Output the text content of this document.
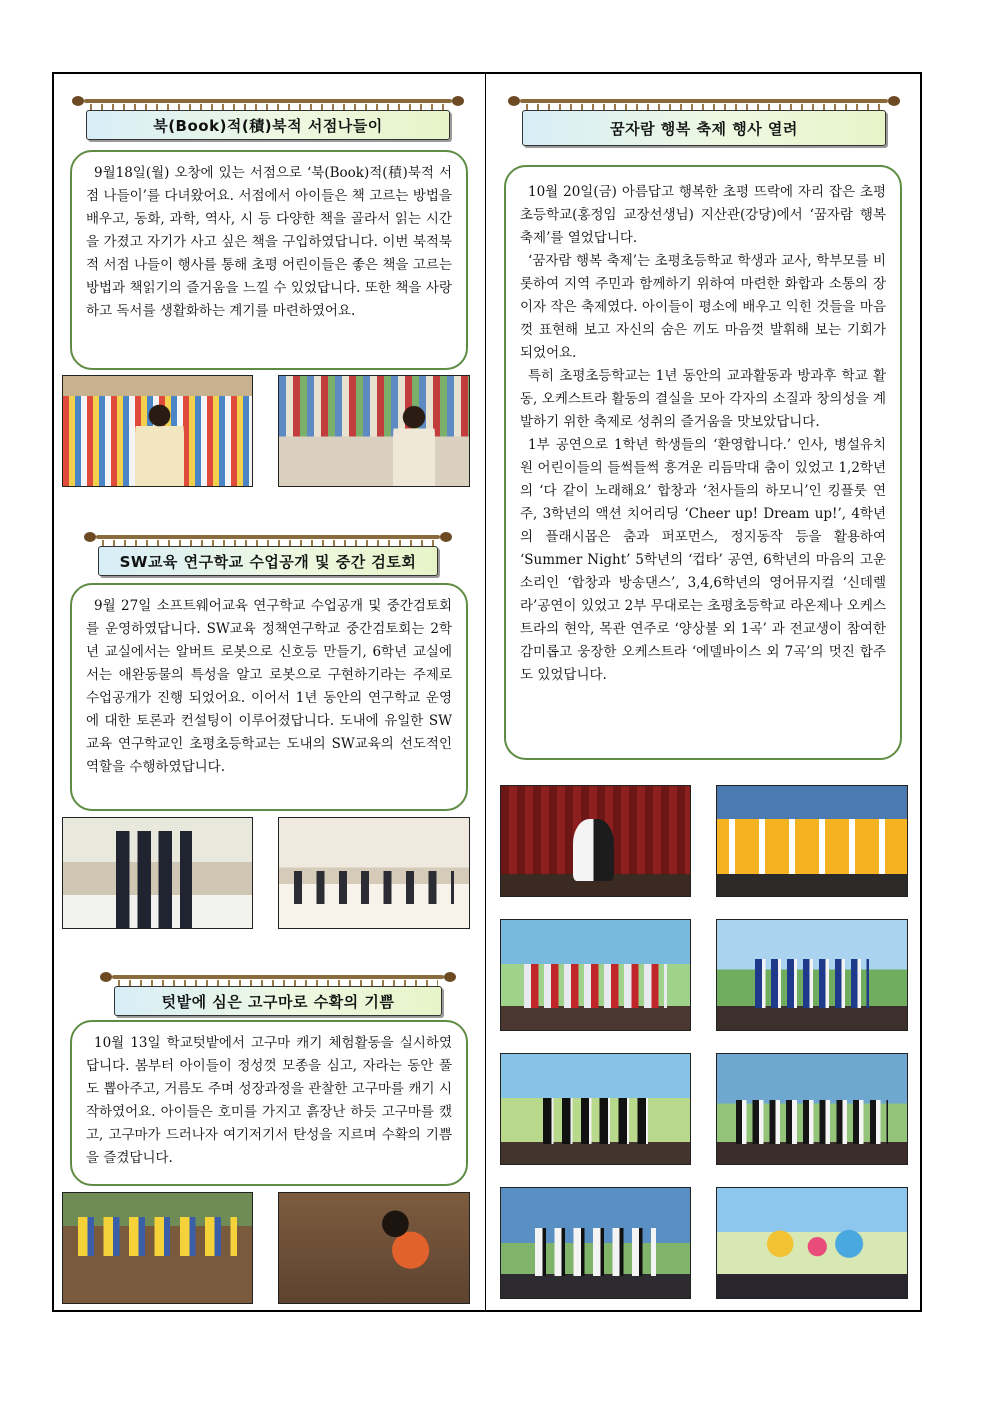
북(Book)적(積)북적 서점나들이

9월18일(월) 오창에 있는 서점으로 ‘북(Book)적(積)북적 서점 나들이’를 다녀왔어요. 서점에서 아이들은 책 고르는 방법을 배우고, 동화, 과학, 역사, 시 등 다양한 책을 골라서 읽는 시간을 가졌고 자기가 사고 싶은 책을 구입하였답니다. 이번 북적북적 서점 나들이 행사를 통해 초평 어린이들은 좋은 책을 고르는 방법과 책읽기의 즐거움을 느낄 수 있었답니다. 또한 책을 사랑하고 독서를 생활화하는 계기를 마련하였어요.

SW교육 연구학교 수업공개 및 중간 검토회

9월 27일 소프트웨어교육 연구학교 수업공개 및 중간검토회를 운영하였답니다. SW교육 정책연구학교 중간검토회는 2학년 교실에서는 알버트 로봇으로 신호등 만들기, 6학년 교실에서는 애완동물의 특성을 알고 로봇으로 구현하기라는 주제로 수업공개가 진행 되었어요. 이어서 1년 동안의 연구학교 운영에 대한 토론과 컨설팅이 이루어졌답니다. 도내에 유일한 SW교육 연구학교인 초평초등학교는 도내의 SW교육의 선도적인 역할을 수행하였답니다.

텃밭에 심은 고구마로 수확의 기쁨

10월 13일 학교텃밭에서 고구마 캐기 체험활동을 실시하였답니다. 봄부터 아이들이 정성껏 모종을 심고, 자라는 동안 풀도 뽑아주고, 거름도 주며 성장과정을 관찰한 고구마를 캐기 시작하였어요. 아이들은 호미를 가지고 흙장난 하듯 고구마를 캤고, 고구마가 드러나자 여기저기서 탄성을 지르며 수확의 기쁨을 즐겼답니다.

꿈자람 행복 축제 행사 열려

10월 20일(금) 아름답고 행복한 초평 뜨락에 자리 잡은 초평초등학교(홍정임 교장선생님) 지산관(강당)에서 ‘꿈자람 행복 축제’를 열었답니다.

‘꿈자람 행복 축제’는 초평초등학교 학생과 교사, 학부모를 비롯하여 지역 주민과 함께하기 위하여 마련한 화합과 소통의 장이자 작은 축제였다. 아이들이 평소에 배우고 익힌 것들을 마음껏 표현해 보고 자신의 숨은 끼도 마음껏 발휘해 보는 기회가 되었어요.

특히 초평초등학교는 1년 동안의 교과활동과 방과후 학교 활동, 오케스트라 활동의 결실을 모아 각자의 소질과 창의성을 계발하기 위한 축제로 성취의 즐거움을 맛보았답니다.

1부 공연으로 1학년 학생들의 ‘환영합니다.’ 인사, 병설유치원 어린이들의 들썩들썩 흥겨운 리듬막대 춤이 있었고 1,2학년의 ‘다 같이 노래해요’ 합창과 ‘천사들의 하모니’인 킹플룻 연주, 3학년의 액션 치어리딩 ‘Cheer up! Dream up!’, 4학년의 플래시몹은 춤과 퍼포먼스, 정지동작 등을 활용하여 ‘Summer Night’ 5학년의 ‘컵타’ 공연, 6학년의 마음의 고운 소리인 ‘합창과 방송댄스’, 3,4,6학년의 영어뮤지컬 ‘신데렐라’공연이 있었고 2부 무대로는 초평초등학교 라온제나 오케스트라의 현악, 목관 연주로 ‘양상불 외 1곡’ 과 전교생이 참여한 감미롭고 웅장한 오케스트라 ‘에델바이스 외 7곡’의 멋진 합주도 있었답니다.
